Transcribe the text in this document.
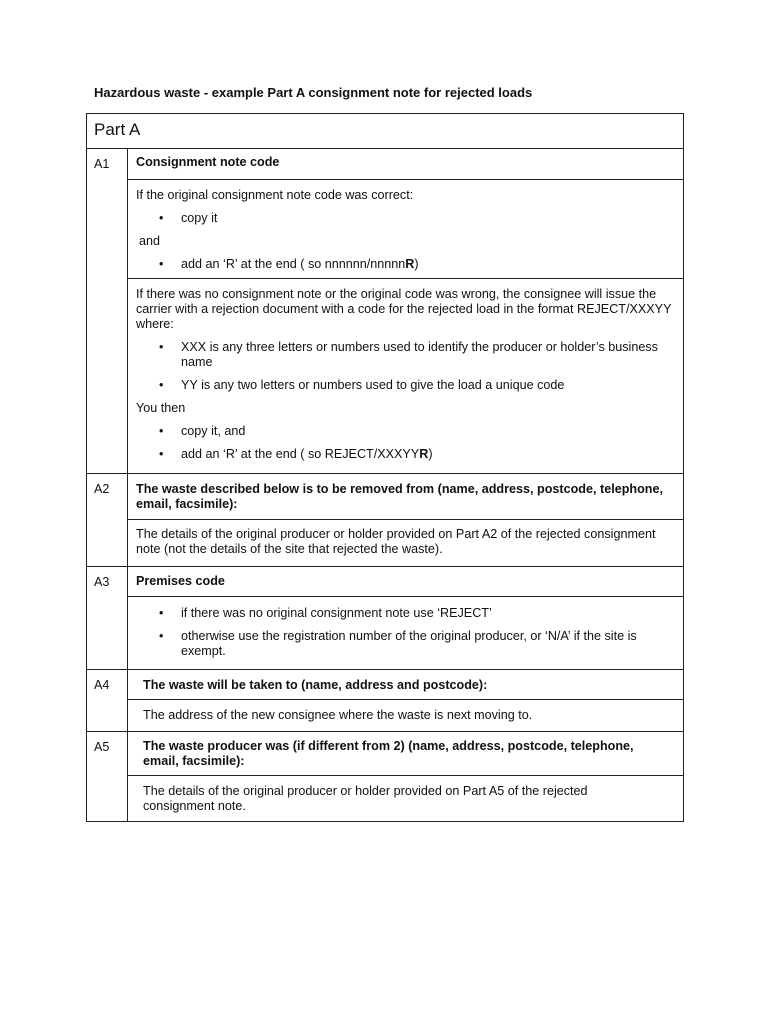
Hazardous waste - example Part A consignment note for rejected loads
Part A
A1	Consignment note code
If the original consignment note code was correct:
• copy it
and
• add an ‘R’ at the end ( so nnnnnn/nnnnnR)
If there was no consignment note or the original code was wrong, the consignee will issue the carrier with a rejection document with a code for the rejected load in the format REJECT/XXXYY where:
• XXX is any three letters or numbers used to identify the producer or holder’s business name
• YY is any two letters or numbers used to give the load a unique code
You then
• copy it, and
• add an ‘R’ at the end ( so REJECT/XXXYYR)
A2	The waste described below is to be removed from (name, address, postcode, telephone, email, facsimile):
The details of the original producer or holder provided on Part A2 of the rejected consignment note (not the details of the site that rejected the waste).
A3	Premises code
• if there was no original consignment note use ‘REJECT’
• otherwise use the registration number of the original producer, or ‘N/A’ if the site is exempt.
A4	The waste will be taken to (name, address and postcode):
The address of the new consignee where the waste is next moving to.
A5	The waste producer was (if different from 2) (name, address, postcode, telephone, email, facsimile):
The details of the original producer or holder provided on Part A5 of the rejected consignment note.
